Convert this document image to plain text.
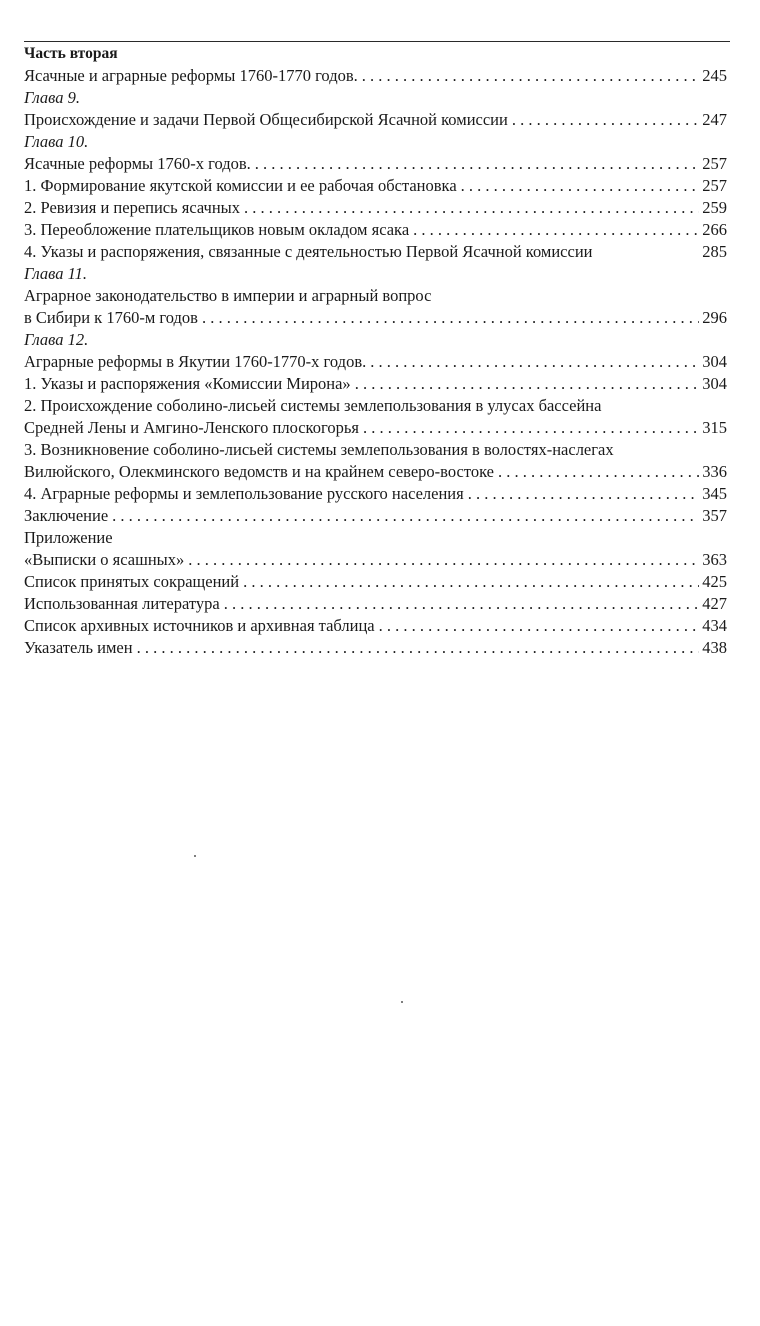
Часть вторая
Ясачные и аграрные реформы 1760-1770 годов. . . .	245
Глава 9.
Происхождение и задачи Первой Общесибирской Ясачной комиссии . . .	247
Глава 10.
Ясачные реформы 1760-х годов. . . .	257
1. Формирование якутской комиссии и ее рабочая обстановка . . .	257
2. Ревизия и перепись ясачных . . .	259
3. Переобложение плательщиков новым окладом ясака . . .	266
4. Указы и распоряжения, связанные с деятельностью Первой Ясачной комиссии	285
Глава 11.
Аграрное законодательство в империи и аграрный вопрос
в Сибири к 1760-м годов . . .	296
Глава 12.
Аграрные реформы в Якутии 1760-1770-х годов. . . .	304
1. Указы и распоряжения «Комиссии Мирона» . . .	304
2. Происхождение соболино-лисьей системы землепользования в улусах бассейна
Средней Лены и Амгино-Ленского плоскогорья . . .	315
3. Возникновение соболино-лисьей системы землепользования в волостях-наслегах
Вилюйского, Олекминского ведомств и на крайнем северо-востоке . . .	336
4. Аграрные реформы и землепользование русского населения . . .	345
Заключение . . .	357
Приложение
«Выписки о ясашных» . . .	363
Список принятых сокращений . . .	425
Использованная литература . . .	427
Список архивных источников и архивная таблица . . .	434
Указатель имен . . .	438
